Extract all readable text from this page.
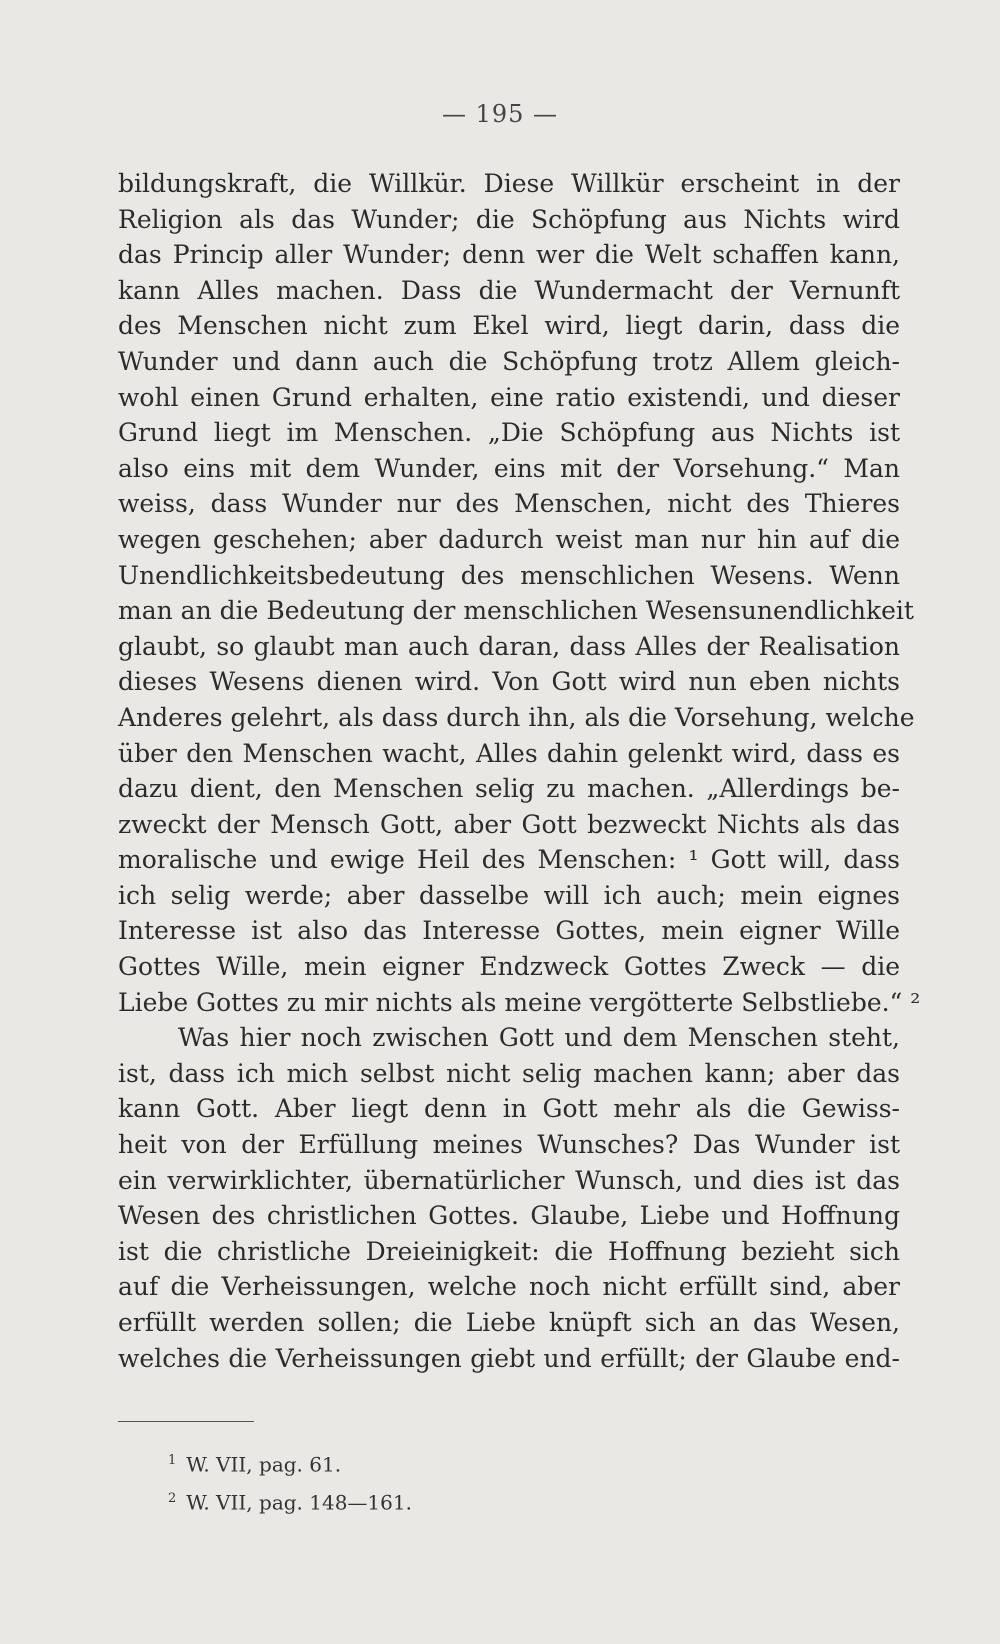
— 195 —
bildungskraft, die Willkür. Diese Willkür erscheint in der
Religion als das Wunder; die Schöpfung aus Nichts wird
das Princip aller Wunder; denn wer die Welt schaffen kann,
kann Alles machen. Dass die Wundermacht der Vernunft
des Menschen nicht zum Ekel wird, liegt darin, dass die
Wunder und dann auch die Schöpfung trotz Allem gleich-
wohl einen Grund erhalten, eine ratio existendi, und dieser
Grund liegt im Menschen. „Die Schöpfung aus Nichts ist
also eins mit dem Wunder, eins mit der Vorsehung.“ Man
weiss, dass Wunder nur des Menschen, nicht des Thieres
wegen geschehen; aber dadurch weist man nur hin auf die
Unendlichkeitsbedeutung des menschlichen Wesens. Wenn
man an die Bedeutung der menschlichen Wesensunendlichkeit
glaubt, so glaubt man auch daran, dass Alles der Realisation
dieses Wesens dienen wird. Von Gott wird nun eben nichts
Anderes gelehrt, als dass durch ihn, als die Vorsehung, welche
über den Menschen wacht, Alles dahin gelenkt wird, dass es
dazu dient, den Menschen selig zu machen. „Allerdings be-
zweckt der Mensch Gott, aber Gott bezweckt Nichts als das
moralische und ewige Heil des Menschen: ¹ Gott will, dass
ich selig werde; aber dasselbe will ich auch; mein eignes
Interesse ist also das Interesse Gottes, mein eigner Wille
Gottes Wille, mein eigner Endzweck Gottes Zweck — die
Liebe Gottes zu mir nichts als meine vergötterte Selbstliebe.“ ²
Was hier noch zwischen Gott und dem Menschen steht,
ist, dass ich mich selbst nicht selig machen kann; aber das
kann Gott. Aber liegt denn in Gott mehr als die Gewiss-
heit von der Erfüllung meines Wunsches? Das Wunder ist
ein verwirklichter, übernatürlicher Wunsch, und dies ist das
Wesen des christlichen Gottes. Glaube, Liebe und Hoffnung
ist die christliche Dreieinigkeit: die Hoffnung bezieht sich
auf die Verheissungen, welche noch nicht erfüllt sind, aber
erfüllt werden sollen; die Liebe knüpft sich an das Wesen,
welches die Verheissungen giebt und erfüllt; der Glaube end-
$^1$ W. VII, pag. 61.
$^2$ W. VII, pag. 148—161.
